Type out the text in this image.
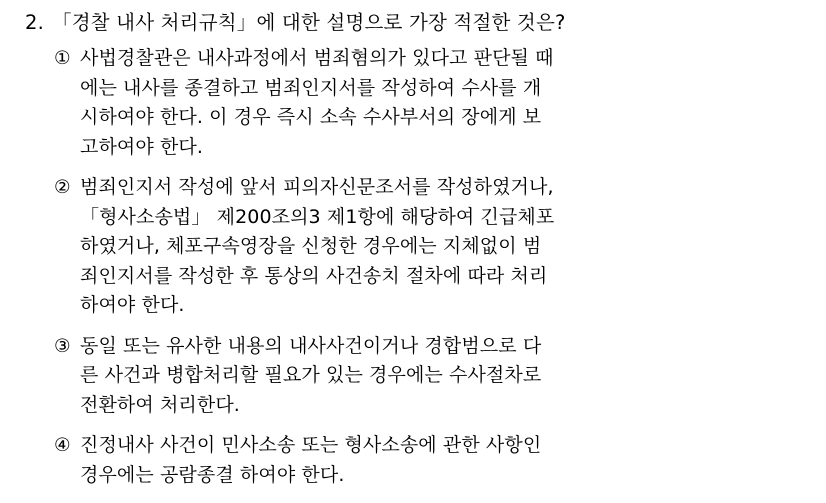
2. 「경찰 내사 처리규칙」에 대한 설명으로 가장 적절한 것은?
① 사법경찰관은 내사과정에서 범죄혐의가 있다고 판단될 때
에는 내사를 종결하고 범죄인지서를 작성하여 수사를 개
시하여야 한다. 이 경우 즉시 소속 수사부서의 장에게 보
고하여야 한다.
② 범죄인지서 작성에 앞서 피의자신문조서를 작성하였거나,
「형사소송법」 제200조의3 제1항에 해당하여 긴급체포
하였거나, 체포구속영장을 신청한 경우에는 지체없이 범
죄인지서를 작성한 후 통상의 사건송치 절차에 따라 처리
하여야 한다.
③ 동일 또는 유사한 내용의 내사사건이거나 경합범으로 다
른 사건과 병합처리할 필요가 있는 경우에는 수사절차로
전환하여 처리한다.
④ 진정내사 사건이 민사소송 또는 형사소송에 관한 사항인
경우에는 공람종결 하여야 한다.
